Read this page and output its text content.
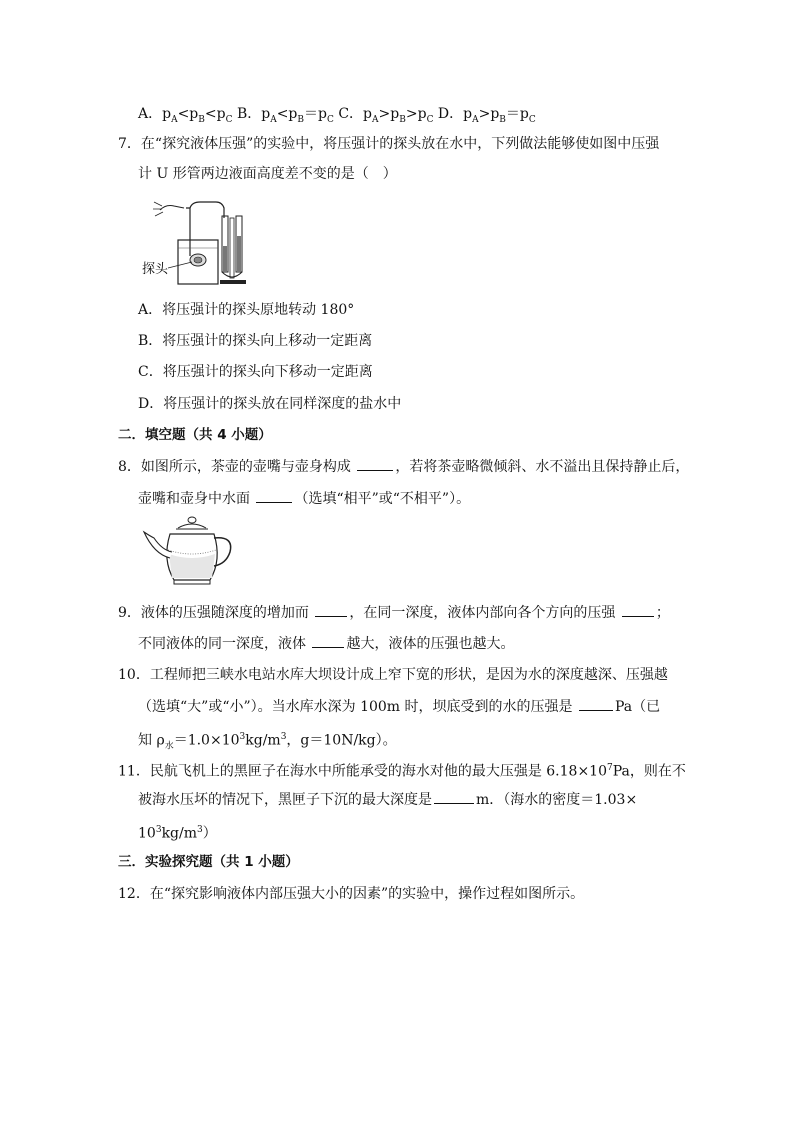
A．$p_A<p_B<p_C$ B．$p_A<p_B=p_C$ C．$p_A>p_B>p_C$ D．$p_A>p_B=p_C$
7．在“探究液体压强”的实验中，将压强计的探头放在水中，下列做法能够使如图中压强
计 U 形管两边液面高度差不变的是（　）
探头
A．将压强计的探头原地转动 180°
B．将压强计的探头向上移动一定距离
C．将压强计的探头向下移动一定距离
D．将压强计的探头放在同样深度的盐水中
二．填空题（共 4 小题）
8．如图所示，茶壶的壶嘴与壶身构成	，若将茶壶略微倾斜、水不溢出且保持静止后，
壶嘴和壶身中水面	（选填“相平”或“不相平”）。
9．液体的压强随深度的增加而	，在同一深度，液体内部向各个方向的压强	；
不同液体的同一深度，液体	越大，液体的压强也越大。
10．工程师把三峡水电站水库大坝设计成上窄下宽的形状，是因为水的深度越深、压强越
（选填“大”或“小”）。当水库水深为 100m 时，坝底受到的水的压强是	Pa（已
知 $\rho_水=1.0\times 10^3kg/m^3$，g＝10N/kg）。
11．民航飞机上的黑匣子在海水中所能承受的海水对他的最大压强是 $6.18\times 10^7Pa$，则在不
被海水压坏的情况下，黑匣子下沉的最大深度是	m．（海水的密度＝1.03×
$10^3kg/m^3$）
三．实验探究题（共 1 小题）
12．在“探究影响液体内部压强大小的因素”的实验中，操作过程如图所示。
